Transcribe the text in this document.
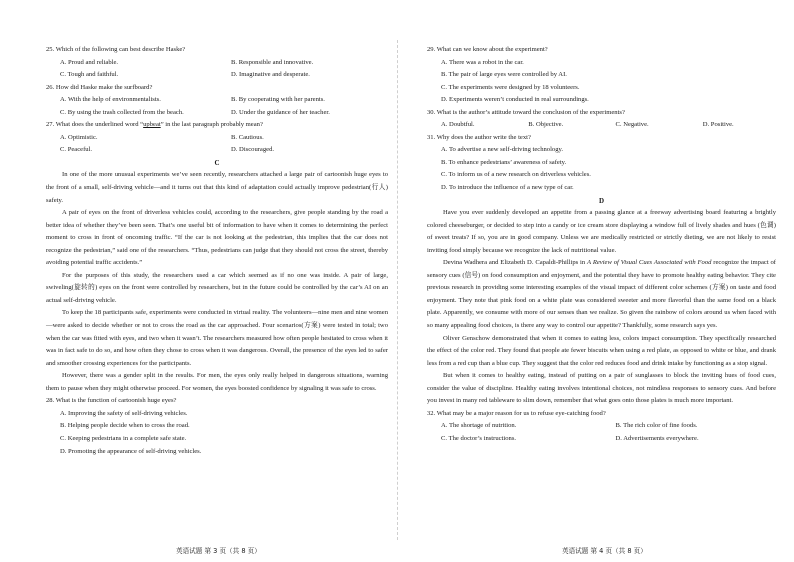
25. Which of the following can best describe Haske?
A. Proud and reliable.	B. Responsible and innovative.
C. Tough and faithful.	D. Imaginative and desperate.
26. How did Haske make the surfboard?
A. With the help of environmentalists.	B. By cooperating with her parents.
C. By using the trash collected from the beach.	D. Under the guidance of her teacher.
27. What does the underlined word “upbeat” in the last paragraph probably mean?
A. Optimistic.	B. Cautious.
C. Peaceful.	D. Discouraged.
C

In one of the more unusual experiments we’ve seen recently, researchers attached a large pair of cartoonish huge eyes to the front of a small, self-driving vehicle—and it turns out that this kind of adaptation could actually improve pedestrian(行人) safety.

A pair of eyes on the front of driverless vehicles could, according to the researchers, give people standing by the road a better idea of whether they’ve been seen. That’s one useful bit of information to have when it comes to determining the perfect moment to cross in front of oncoming traffic. “If the car is not looking at the pedestrian, this implies that the car does not recognize the pedestrian,” said one of the researchers. “Thus, pedestrians can judge that they should not cross the street, thereby avoiding potential traffic accidents.”

For the purposes of this study, the researchers used a car which seemed as if no one was inside. A pair of large, swiveling(旋转的) eyes on the front were controlled by researchers, but in the future could be controlled by the car’s AI on an actual self-driving vehicle.

To keep the 18 participants safe, experiments were conducted in virtual reality. The volunteers—nine men and nine women—were asked to decide whether or not to cross the road as the car approached. Four scenarios(方案) were tested in total; two when the car was fitted with eyes, and two when it wasn’t. The researchers measured how often people hesitated to cross when it was in fact safe to do so, and how often they chose to cross when it was dangerous. Overall, the presence of the eyes led to safer and smoother crossing experiences for the participants.

However, there was a gender split in the results. For men, the eyes only really helped in dangerous situations, warning them to pause when they might otherwise proceed. For women, the eyes boosted confidence by signaling it was safe to cross.

28. What is the function of cartoonish huge eyes?
A. Improving the safety of self-driving vehicles.
B. Helping people decide when to cross the road.
C. Keeping pedestrians in a complete safe state.
D. Promoting the appearance of self-driving vehicles.
英语试题 第 3 页（共 8 页）
29. What can we know about the experiment?
A. There was a robot in the car.
B. The pair of large eyes were controlled by AI.
C. The experiments were designed by 18 volunteers.
D. Experiments weren’t conducted in real surroundings.
30. What is the author’s attitude toward the conclusion of the experiments?
A. Doubtful.	B. Objective.	C. Negative.	D. Positive.
31. Why does the author write the text?
A. To advertise a new self-driving technology.
B. To enhance pedestrians’ awareness of safety.
C. To inform us of a new research on driverless vehicles.
D. To introduce the influence of a new type of car.
D

Have you ever suddenly developed an appetite from a passing glance at a freeway advertising board featuring a brightly colored cheeseburger, or decided to step into a candy or ice cream store displaying a window full of lively shades and hues (色调) of sweet treats? If so, you are in good company. Unless we are medically restricted or strictly dieting, we are not likely to resist inviting food simply because we recognize the lack of nutritional value.

Devina Wadhera and Elizabeth D. Capaldi-Phillips in A Review of Visual Cues Associated with Food recognize the impact of sensory cues (信号) on food consumption and enjoyment, and the potential they have to promote healthy eating behavior. They cite previous research in providing some interesting examples of the visual impact of different color schemes (方案) on taste and food enjoyment. They note that pink food on a white plate was considered sweeter and more flavorful than the same food on a black plate. Apparently, we consume with more of our senses than we realize. So given the rainbow of colors around us when faced with so many appealing food choices, is there any way to control our appetite? Thankfully, some research says yes.

Oliver Genschow demonstrated that when it comes to eating less, colors impact consumption. They specifically researched the effect of the color red. They found that people ate fewer biscuits when using a red plate, as opposed to white or blue, and drank less from a red cup than a blue cup. They suggest that the color red reduces food and drink intake by functioning as a stop signal.

But when it comes to healthy eating, instead of putting on a pair of sunglasses to block the inviting hues of food cues, consider the value of discipline. Healthy eating involves intentional choices, not mindless responses to sensory cues. And before you invest in many red tableware to slim down, remember that what goes onto those plates is much more important.

32. What may be a major reason for us to refuse eye-catching food?
A. The shortage of nutrition.	B. The rich color of fine foods.
C. The doctor’s instructions.	D. Advertisements everywhere.
英语试题 第 4 页（共 8 页）
